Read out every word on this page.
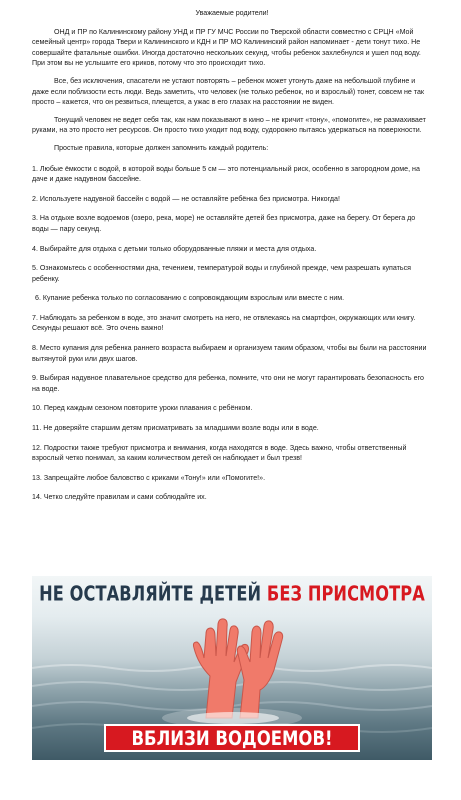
Уважаемые родители!

ОНД и ПР по Калининскому району УНД и ПР ГУ МЧС России по Тверской области совместно с СРЦН «Мой семейный центр» города Твери и Калининского и КДН и ПР МО Калининский район напоминает - дети тонут тихо. Не совершайте фатальные ошибки. Иногда достаточно нескольких секунд, чтобы ребенок захлебнулся и ушел под воду. При этом вы не услышите его криков, потому что это происходит тихо.

Все, без исключения, спасатели не устают повторять – ребенок может утонуть даже на небольшой глубине и даже если поблизости есть люди. Ведь заметить, что человек (не только ребенок, но и взрослый) тонет, совсем не так просто – кажется, что он резвиться, плещется, а ужас в его глазах на расстоянии не виден.

Тонущий человек не ведет себя так, как нам показывают в кино – не кричит «тону», «помогите», не размахивает руками, на это просто нет ресурсов. Он просто тихо уходит под воду, судорожно пытаясь удержаться на поверхности.

Простые правила, которые должен запомнить каждый родитель:

1. Любые ёмкости с водой, в которой воды больше 5 см — это потенциальный риск, особенно в загородном доме, на даче и даже надувном бассейне.

2. Используете надувной бассейн с водой — не оставляйте ребёнка без присмотра. Никогда!

3. На отдыхе возле водоемов (озеро, река, море) не оставляйте детей без присмотра, даже на берегу. От берега до воды — пару секунд.

4. Выбирайте для отдыха с детьми только оборудованные пляжи и места для отдыха.

5. Ознакомьтесь с особенностями дна, течением, температурой воды и глубиной прежде, чем разрешать купаться ребенку.

6. Купание ребенка только по согласованию с сопровождающим взрослым или вместе с ним.

7. Наблюдать за ребенком в воде, это значит смотреть на него, не отвлекаясь на смартфон, окружающих или книгу. Секунды решают всё. Это очень важно!

8. Место купания для ребенка раннего возраста выбираем и организуем таким образом, чтобы вы были на расстоянии вытянутой руки или двух шагов.

9. Выбирая надувное плавательное средство для ребенка, помните, что они не могут гарантировать безопасность его на воде.

10. Перед каждым сезоном повторите уроки плавания с ребёнком.

11. Не доверяйте старшим детям присматривать за младшими возле воды или в воде.

12. Подростки также требуют присмотра и внимания, когда находятся в воде. Здесь важно, чтобы ответственный взрослый четко понимал, за каким количеством детей он наблюдает и был трезв!

13. Запрещайте любое баловство с криками «Тону!» или «Помогите!».

14. Четко следуйте правилам и сами соблюдайте их.

НЕ ОСТАВЛЯЙТЕ ДЕТЕЙ БЕЗ ПРИСМОТРА
ВБЛИЗИ ВОДОЕМОВ!
